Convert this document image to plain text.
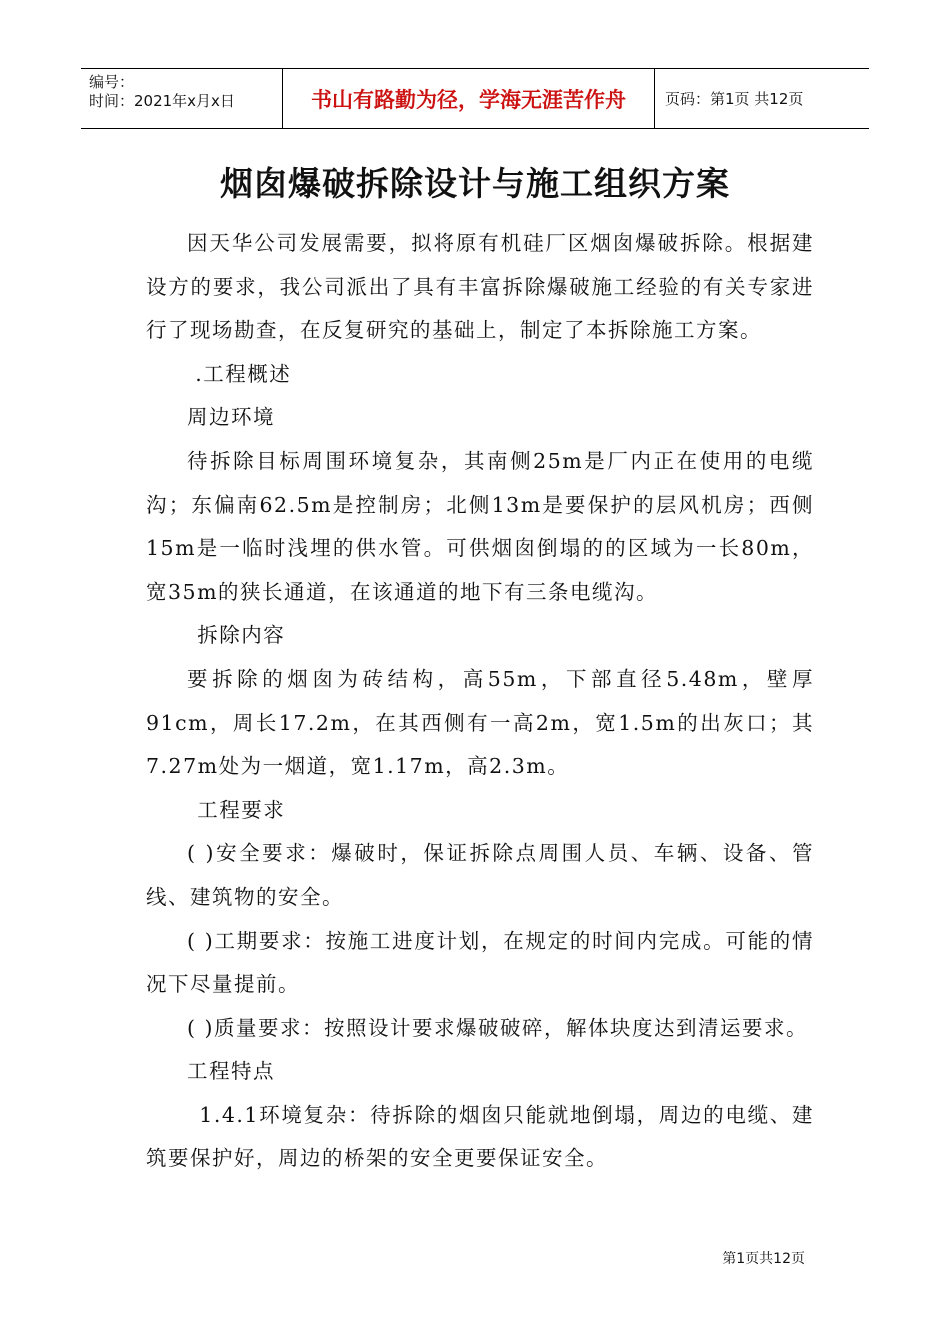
编号：
时间：2021年x月x日	书山有路勤为径，学海无涯苦作舟	页码：第1页 共12页
烟囱爆破拆除设计与施工组织方案

因天华公司发展需要，拟将原有机硅厂区烟囱爆破拆除。根据建设方的要求，我公司派出了具有丰富拆除爆破施工经验的有关专家进行了现场勘查，在反复研究的基础上，制定了本拆除施工方案。

.工程概述

周边环境

待拆除目标周围环境复杂，其南侧25m是厂内正在使用的电缆沟；东偏南62.5m是控制房；北侧13m是要保护的层风机房；西侧15m是一临时浅埋的供水管。可供烟囱倒塌的的区域为一长80m，宽35m的狭长通道，在该通道的地下有三条电缆沟。

拆除内容

要拆除的烟囱为砖结构，高55m，下部直径5.48m，壁厚91cm，周长17.2m，在其西侧有一高2m，宽1.5m的出灰口；其7.27m处为一烟道，宽1.17m，高2.3m。

工程要求

( )安全要求：爆破时，保证拆除点周围人员、车辆、设备、管线、建筑物的安全。

( )工期要求：按施工进度计划，在规定的时间内完成。可能的情况下尽量提前。

( )质量要求：按照设计要求爆破破碎，解体块度达到清运要求。

工程特点

1.4.1环境复杂：待拆除的烟囱只能就地倒塌，周边的电缆、建筑要保护好，周边的桥架的安全更要保证安全。

第1页共12页
